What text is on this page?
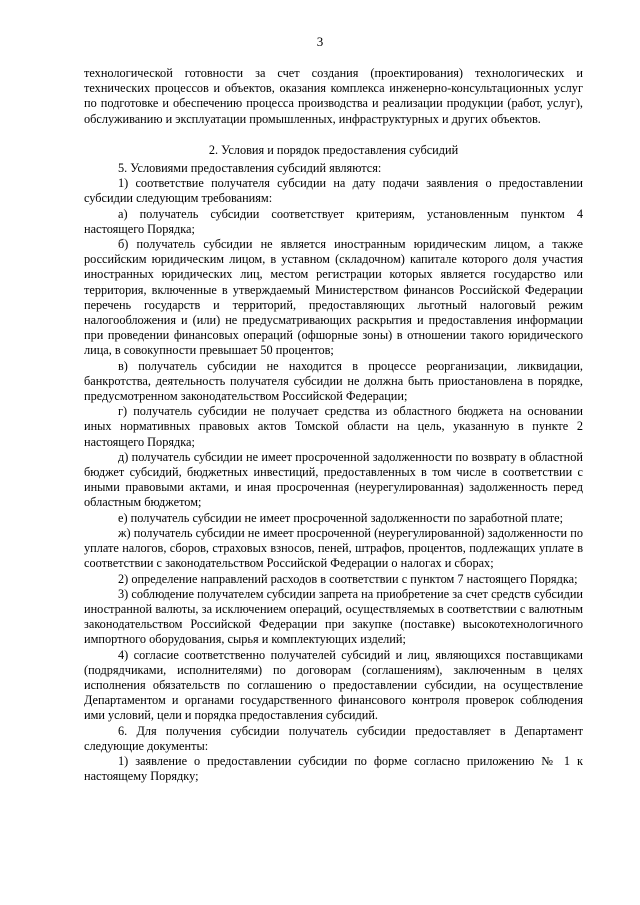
3

технологической готовности за счет создания (проектирования) технологических и технических процессов и объектов, оказания комплекса инженерно-консультационных услуг по подготовке и обеспечению процесса производства и реализации продукции (работ, услуг), обслуживанию и эксплуатации промышленных, инфраструктурных и других объектов.

2. Условия и порядок предоставления субсидий

5. Условиями предоставления субсидий являются:

1) соответствие получателя субсидии на дату подачи заявления о предоставлении субсидии следующим требованиям:

а) получатель субсидии соответствует критериям, установленным пунктом 4 настоящего Порядка;

б) получатель субсидии не является иностранным юридическим лицом, а также российским юридическим лицом, в уставном (складочном) капитале которого доля участия иностранных юридических лиц, местом регистрации которых является государство или территория, включенные в утверждаемый Министерством финансов Российской Федерации перечень государств и территорий, предоставляющих льготный налоговый режим налогообложения и (или) не предусматривающих раскрытия и предоставления информации при проведении финансовых операций (офшорные зоны) в отношении такого юридического лица, в совокупности превышает 50 процентов;

в) получатель субсидии не находится в процессе реорганизации, ликвидации, банкротства, деятельность получателя субсидии не должна быть приостановлена в порядке, предусмотренном законодательством Российской Федерации;

г) получатель субсидии не получает средства из областного бюджета на основании иных нормативных правовых актов Томской области на цель, указанную в пункте 2 настоящего Порядка;

д) получатель субсидии не имеет просроченной задолженности по возврату в областной бюджет субсидий, бюджетных инвестиций, предоставленных в том числе в соответствии с иными правовыми актами, и иная просроченная (неурегулированная) задолженность перед областным бюджетом;

е) получатель субсидии не имеет просроченной задолженности по заработной плате;

ж) получатель субсидии не имеет просроченной (неурегулированной) задолженности по уплате налогов, сборов, страховых взносов, пеней, штрафов, процентов, подлежащих уплате в соответствии с законодательством Российской Федерации о налогах и сборах;

2) определение направлений расходов в соответствии с пунктом 7 настоящего Порядка;

3) соблюдение получателем субсидии запрета на приобретение за счет средств субсидии иностранной валюты, за исключением операций, осуществляемых в соответствии с валютным законодательством Российской Федерации при закупке (поставке) высокотехнологичного импортного оборудования, сырья и комплектующих изделий;

4) согласие соответственно получателей субсидий и лиц, являющихся поставщиками (подрядчиками, исполнителями) по договорам (соглашениям), заключенным в целях исполнения обязательств по соглашению о предоставлении субсидии, на осуществление Департаментом и органами государственного финансового контроля проверок соблюдения ими условий, цели и порядка предоставления субсидий.

6. Для получения субсидии получатель субсидии предоставляет в Департамент следующие документы:

1) заявление о предоставлении субсидии по форме согласно приложению № 1 к настоящему Порядку;
